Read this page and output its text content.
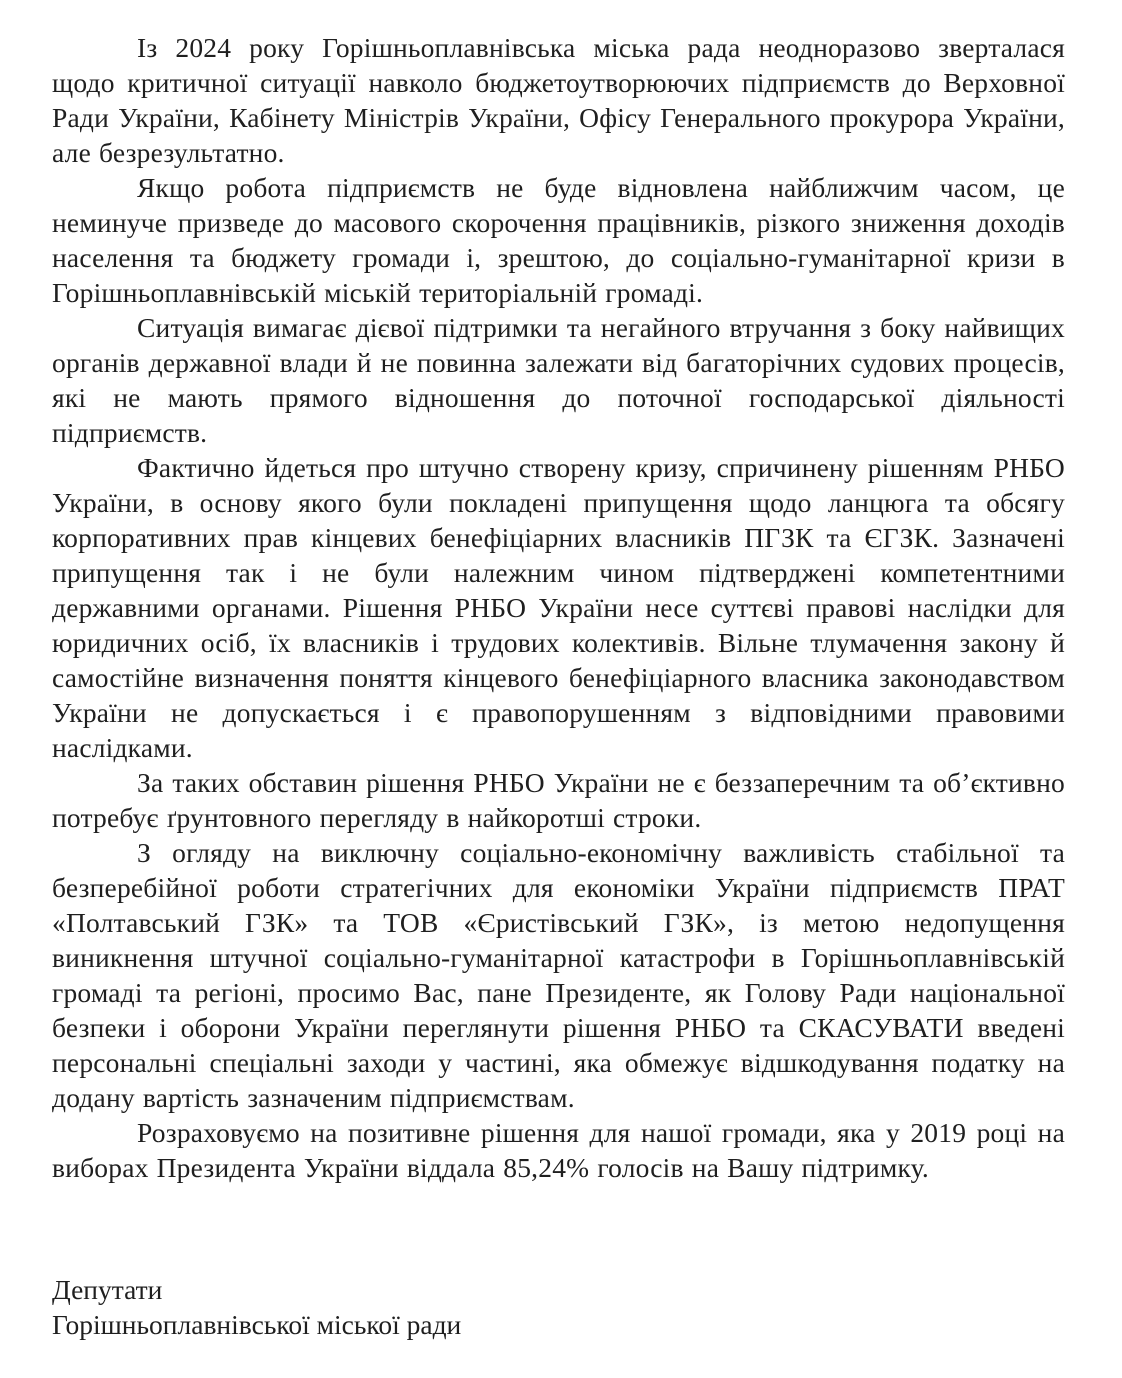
Із 2024 року Горішньоплавнівська міська рада неодноразово зверталася щодо критичної ситуації навколо бюджетоутворюючих підприємств до Верховної Ради України, Кабінету Міністрів України, Офісу Генерального прокурора України, але безрезультатно.

Якщо робота підприємств не буде відновлена найближчим часом, це неминуче призведе до масового скорочення працівників, різкого зниження доходів населення та бюджету громади і, зрештою, до соціально-гуманітарної кризи в Горішньоплавнівській міській територіальній громаді.

Ситуація вимагає дієвої підтримки та негайного втручання з боку найвищих органів державної влади й не повинна залежати від багаторічних судових процесів, які не мають прямого відношення до поточної господарської діяльності підприємств.

Фактично йдеться про штучно створену кризу, спричинену рішенням РНБО України, в основу якого були покладені припущення щодо ланцюга та обсягу корпоративних прав кінцевих бенефіціарних власників ПГЗК та ЄГЗК. Зазначені припущення так і не були належним чином підтверджені компетентними державними органами. Рішення РНБО України несе суттєві правові наслідки для юридичних осіб, їх власників і трудових колективів. Вільне тлумачення закону й самостійне визначення поняття кінцевого бенефіціарного власника законодавством України не допускається і є правопорушенням з відповідними правовими наслідками.

За таких обставин рішення РНБО України не є беззаперечним та об’єктивно потребує ґрунтовного перегляду в найкоротші строки.

З огляду на виключну соціально-економічну важливість стабільної та безперебійної роботи стратегічних для економіки України підприємств ПРАТ «Полтавський ГЗК» та ТОВ «Єристівський ГЗК», із метою недопущення виникнення штучної соціально-гуманітарної катастрофи в Горішньоплавнівській громаді та регіоні, просимо Вас, пане Президенте, як Голову Ради національної безпеки і оборони України переглянути рішення РНБО та СКАСУВАТИ введені персональні спеціальні заходи у частині, яка обмежує відшкодування податку на додану вартість зазначеним підприємствам.

Розраховуємо на позитивне рішення для нашої громади, яка у 2019 році на виборах Президента України віддала 85,24% голосів на Вашу підтримку.

Депутати
Горішньоплавнівської міської ради
